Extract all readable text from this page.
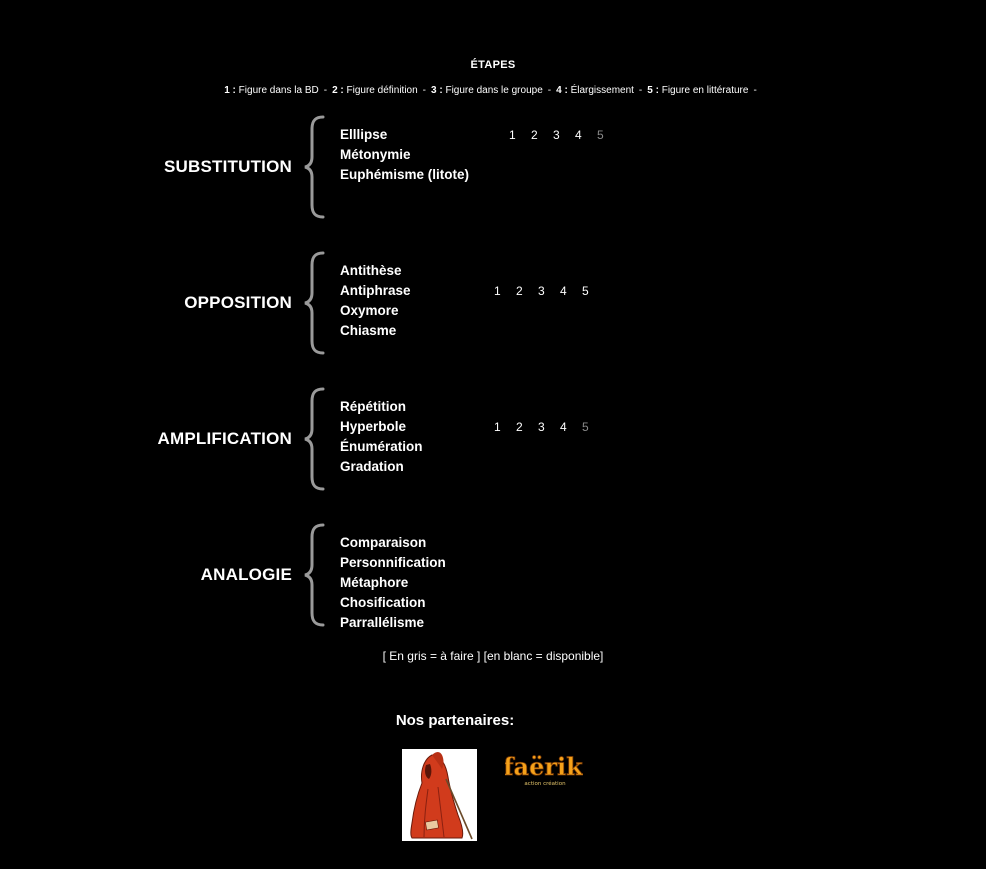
ÉTAPES
1 : Figure dans la BD - 2 : Figure définition - 3 : Figure dans le groupe - 4 : Élargissement - 5 : Figure en littérature -
SUBSTITUTION
Elllipse
Métonymie
Euphémisme (litote)
1 2 3 4 5
OPPOSITION
Antithèse
Antiphrase
Oxymore
Chiasme
1 2 3 4 5
AMPLIFICATION
Répétition
Hyperbole
Énumération
Gradation
1 2 3 4 5
ANALOGIE
Comparaison
Personnification
Métaphore
Chosification
Parrallélisme
[ En gris = à faire ] [en blanc = disponible]
Nos partenaires:
faërik
action création
